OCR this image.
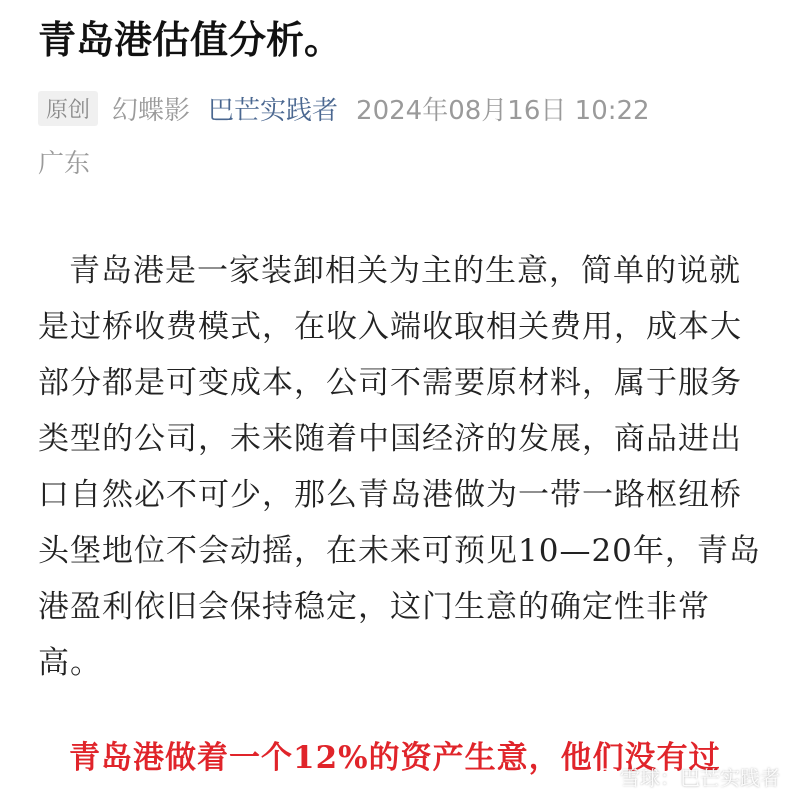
青岛港估值分析。
原创 幻蝶影 巴芒实践者 2024年08月16日 10:22
广东
青岛港是一家装卸相关为主的生意，简单的说就是过桥收费模式，在收入端收取相关费用，成本大部分都是可变成本，公司不需要原材料，属于服务类型的公司，未来随着中国经济的发展，商品进出口自然必不可少，那么青岛港做为一带一路枢纽桥头堡地位不会动摇，在未来可预见10—20年，青岛港盈利依旧会保持稳定，这门生意的确定性非常高。
青岛港做着一个12%的资产生意，他们没有过
雪球：巴芒实践者
